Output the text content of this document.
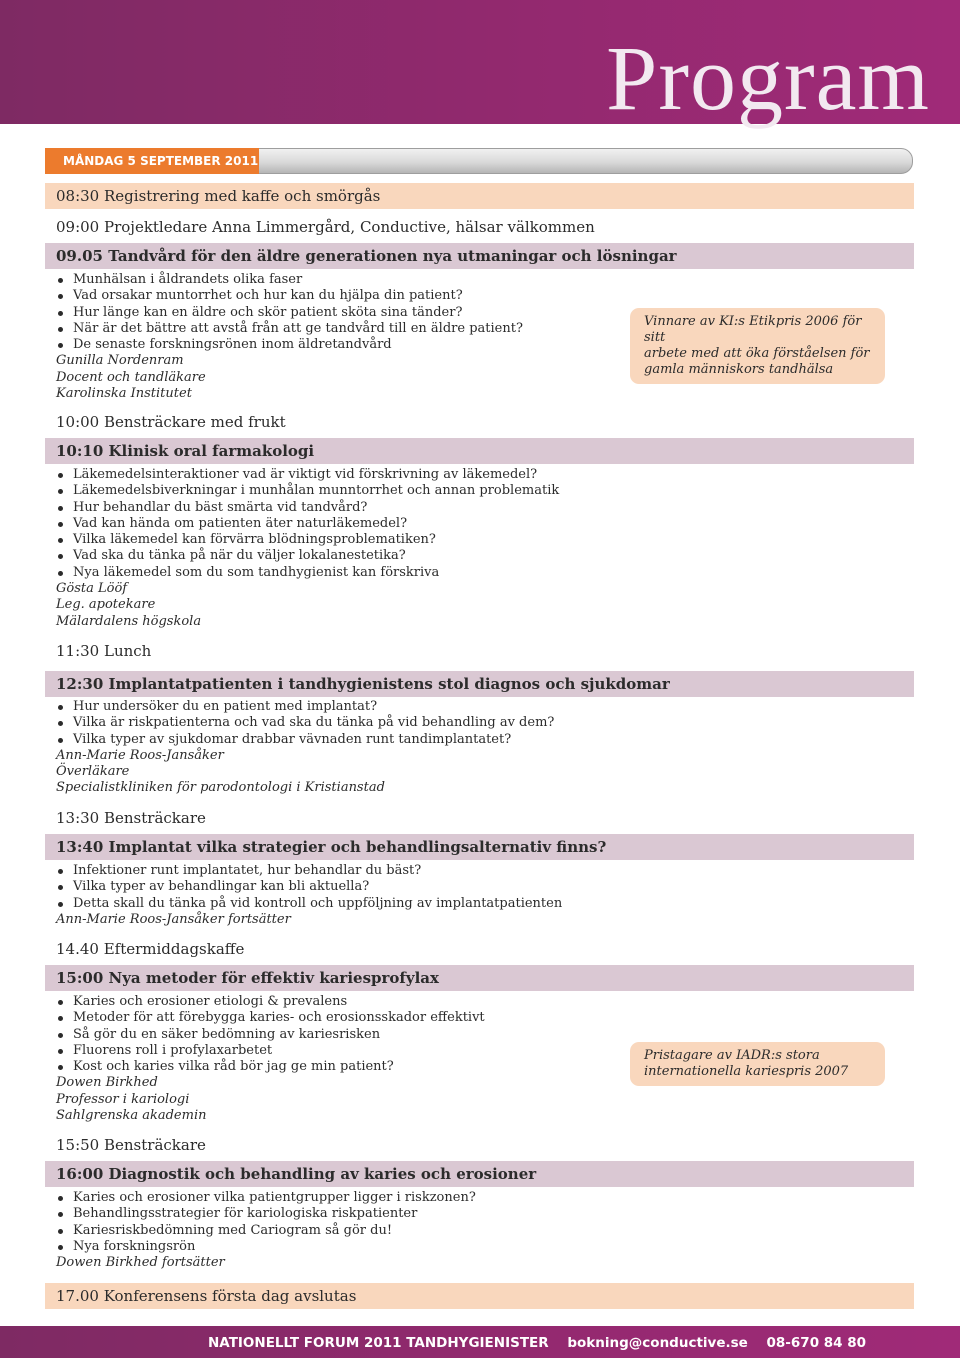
Program
MÅNDAG 5 SEPTEMBER 2011
08:30 Registrering med kaffe och smörgås
09:00 Projektledare Anna Limmergård, Conductive, hälsar välkommen
09.05 Tandvård för den äldre generationen nya utmaningar och lösningar
Munhälsan i åldrandets olika faser
Vad orsakar muntorrhet och hur kan du hjälpa din patient?
Hur länge kan en äldre och skör patient sköta sina tänder?
När är det bättre att avstå från att ge tandvård till en äldre patient?
De senaste forskningsrönen inom äldretandvård
Gunilla Nordenram
Docent och tandläkare
Karolinska Institutet
10:00 Bensträckare med frukt
10:10 Klinisk oral farmakologi
Läkemedelsinteraktioner vad är viktigt vid förskrivning av läkemedel?
Läkemedelsbiverkningar i munhålan munntorrhet och annan problematik
Hur behandlar du bäst smärta vid tandvård?
Vad kan hända om patienten äter naturläkemedel?
Vilka läkemedel kan förvärra blödningsproblematiken?
Vad ska du tänka på när du väljer lokalanestetika?
Nya läkemedel som du som tandhygienist kan förskriva
Gösta Lööf
Leg. apotekare
Mälardalens högskola
11:30 Lunch
12:30 Implantatpatienten i tandhygienistens stol diagnos och sjukdomar
Hur undersöker du en patient med implantat?
Vilka är riskpatienterna och vad ska du tänka på vid behandling av dem?
Vilka typer av sjukdomar drabbar vävnaden runt tandimplantatet?
Ann-Marie Roos-Jansåker
Överläkare
Specialistkliniken för parodontologi i Kristianstad
13:30 Bensträckare
13:40 Implantat vilka strategier och behandlingsalternativ finns?
Infektioner runt implantatet, hur behandlar du bäst?
Vilka typer av behandlingar kan bli aktuella?
Detta skall du tänka på vid kontroll och uppföljning av implantatpatienten
Ann-Marie Roos-Jansåker fortsätter
14.40 Eftermiddagskaffe
15:00 Nya metoder för effektiv kariesprofylax
Karies och erosioner etiologi & prevalens
Metoder för att förebygga karies- och erosionsskador effektivt
Så gör du en säker bedömning av kariesrisken
Fluorens roll i profylaxarbetet
Kost och karies vilka råd bör jag ge min patient?
Dowen Birkhed
Professor i kariologi
Sahlgrenska akademin
15:50 Bensträckare
16:00 Diagnostik och behandling av karies och erosioner
Karies och erosioner vilka patientgrupper ligger i riskzonen?
Behandlingsstrategier för kariologiska riskpatienter
Kariesriskbedömning med Cariogram så gör du!
Nya forskningsrön
Dowen Birkhed fortsätter
17.00 Konferensens första dag avslutas
Vinnare av KI:s Etikpris 2006 för sitt
arbete med att öka förståelsen för
gamla människors tandhälsa
Pristagare av IADR:s stora
internationella kariespris 2007
NATIONELLT FORUM 2011 TANDHYGIENISTER bokning@conductive.se 08-670 84 80
